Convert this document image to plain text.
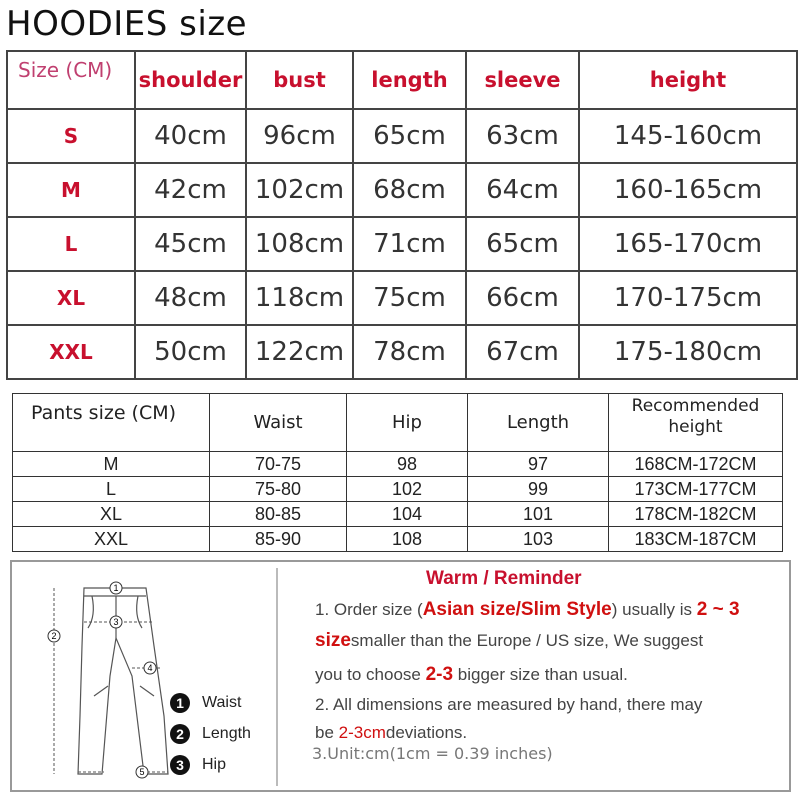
HOODIES size
Size (CM)	shoulder	bust	length	sleeve	height
S	40cm	96cm	65cm	63cm	145-160cm
M	42cm	102cm	68cm	64cm	160-165cm
L	45cm	108cm	71cm	65cm	165-170cm
XL	48cm	118cm	75cm	66cm	170-175cm
XXL	50cm	122cm	78cm	67cm	175-180cm
Pants size (CM)	Waist	Hip	Length	Recommended height
M	70-75	98	97	168CM-172CM
L	75-80	102	99	173CM-177CM
XL	80-85	104	101	178CM-182CM
XXL	85-90	108	103	183CM-187CM
1
2
3
4
5
1	Waist
2	Length
3	Hip
Warm / Reminder
1. Order size (Asian size/Slim Style) usually is 2 ~ 3
sizesmaller than the Europe / US size, We suggest
you to choose 2-3 bigger size than usual.
2. All dimensions are measured by hand, there may
be 2-3cmdeviations.
3.Unit:cm(1cm = 0.39 inches)
